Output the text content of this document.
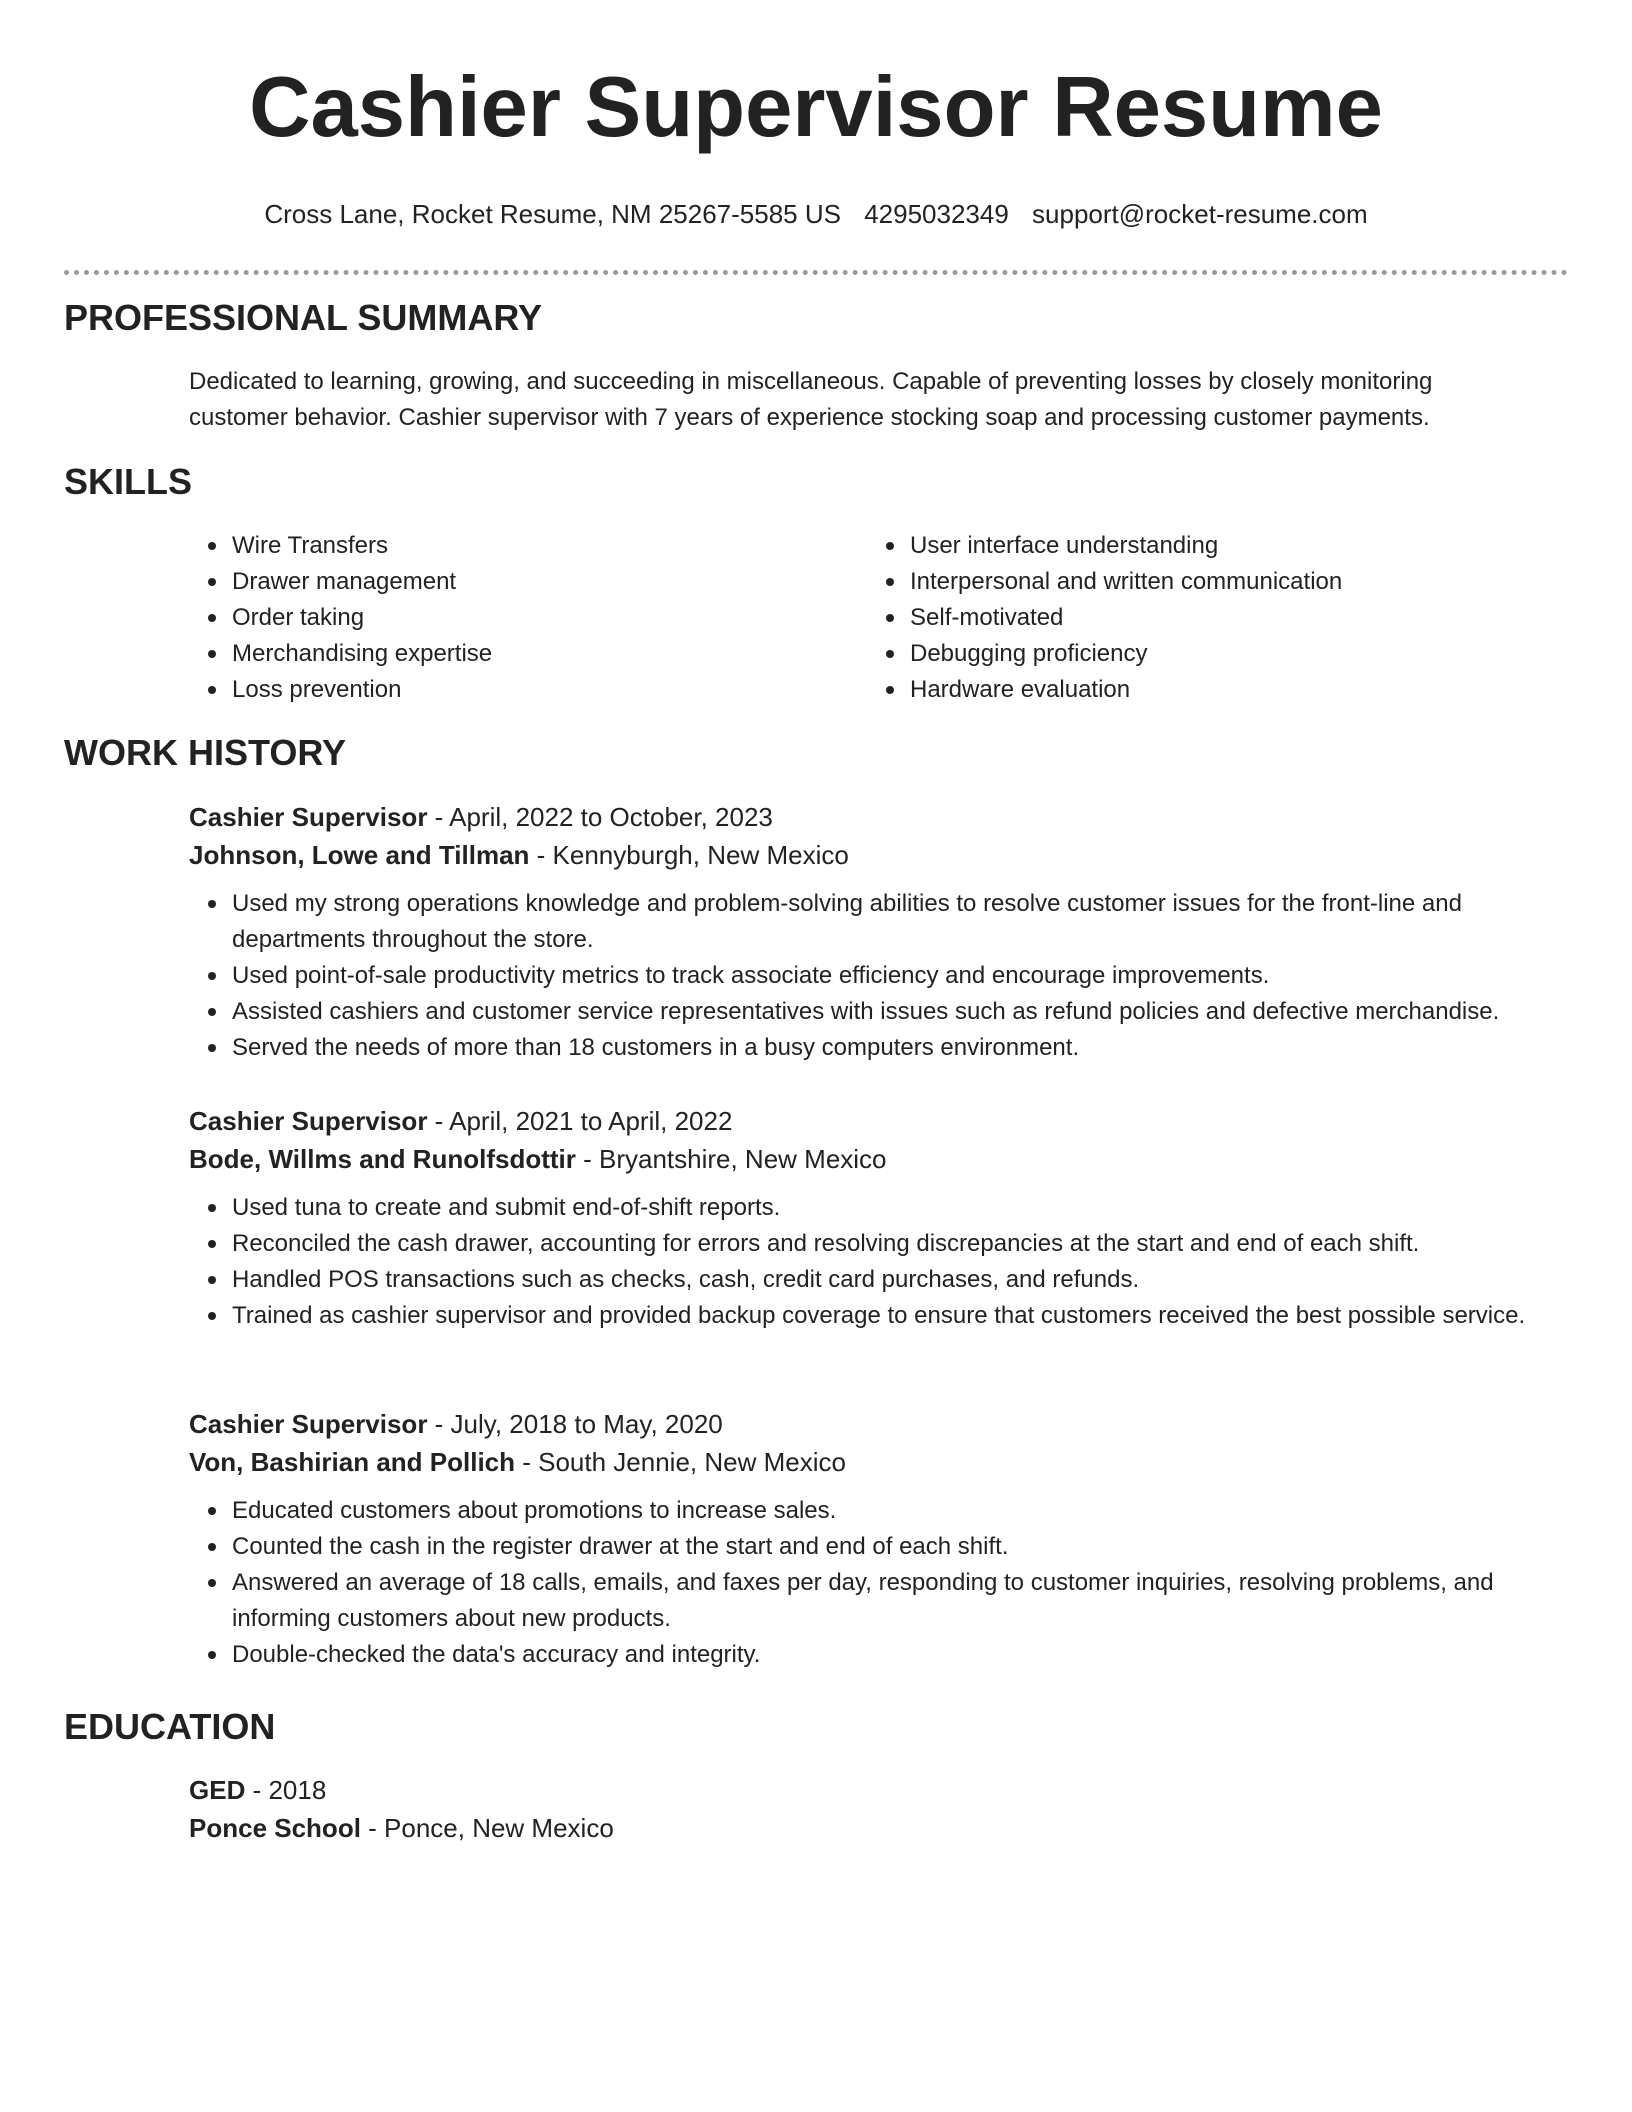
Cashier Supervisor Resume
Cross Lane, Rocket Resume, NM 25267-5585 US 4295032349 support@rocket-resume.com
PROFESSIONAL SUMMARY

Dedicated to learning, growing, and succeeding in miscellaneous. Capable of preventing losses by closely monitoring customer behavior. Cashier supervisor with 7 years of experience stocking soap and processing customer payments.

SKILLS
Wire Transfers
Drawer management
Order taking
Merchandising expertise
Loss prevention
User interface understanding
Interpersonal and written communication
Self-motivated
Debugging proficiency
Hardware evaluation
WORK HISTORY
Cashier Supervisor - April, 2022 to October, 2023
Johnson, Lowe and Tillman - Kennyburgh, New Mexico
Used my strong operations knowledge and problem-solving abilities to resolve customer issues for the front-line and departments throughout the store.
Used point-of-sale productivity metrics to track associate efficiency and encourage improvements.
Assisted cashiers and customer service representatives with issues such as refund policies and defective merchandise.
Served the needs of more than 18 customers in a busy computers environment.
Cashier Supervisor - April, 2021 to April, 2022
Bode, Willms and Runolfsdottir - Bryantshire, New Mexico
Used tuna to create and submit end-of-shift reports.
Reconciled the cash drawer, accounting for errors and resolving discrepancies at the start and end of each shift.
Handled POS transactions such as checks, cash, credit card purchases, and refunds.
Trained as cashier supervisor and provided backup coverage to ensure that customers received the best possible service.
Cashier Supervisor - July, 2018 to May, 2020
Von, Bashirian and Pollich - South Jennie, New Mexico
Educated customers about promotions to increase sales.
Counted the cash in the register drawer at the start and end of each shift.
Answered an average of 18 calls, emails, and faxes per day, responding to customer inquiries, resolving problems, and informing customers about new products.
Double-checked the data's accuracy and integrity.
EDUCATION
GED - 2018
Ponce School - Ponce, New Mexico
